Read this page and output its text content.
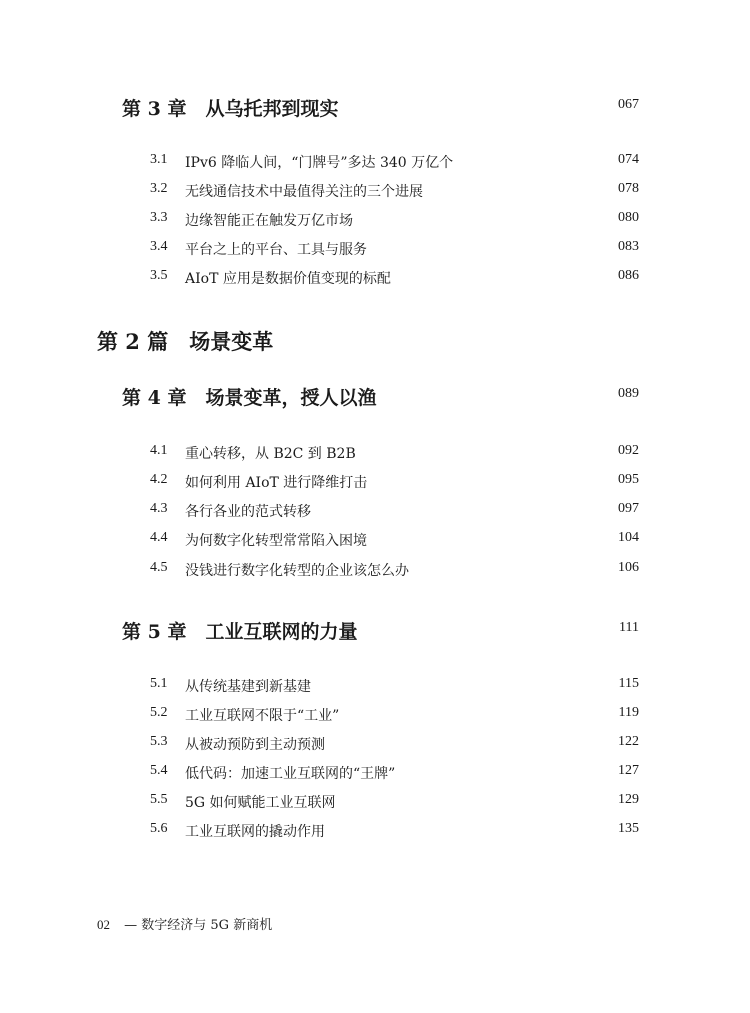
第 3 章　从乌托邦到现实	067
3.1 IPv6 降临人间，“门牌号”多达 340 万亿个	074
3.2 无线通信技术中最值得关注的三个进展	078
3.3 边缘智能正在触发万亿市场	080
3.4 平台之上的平台、工具与服务	083
3.5 AIoT 应用是数据价值变现的标配	086
第 2 篇　场景变革
第 4 章　场景变革，授人以渔	089
4.1 重心转移，从 B2C 到 B2B	092
4.2 如何利用 AIoT 进行降维打击	095
4.3 各行各业的范式转移	097
4.4 为何数字化转型常常陷入困境	104
4.5 没钱进行数字化转型的企业该怎么办	106
第 5 章　工业互联网的力量	111
5.1 从传统基建到新基建	115
5.2 工业互联网不限于“工业”	119
5.3 从被动预防到主动预测	122
5.4 低代码：加速工业互联网的“王牌”	127
5.5 5G 如何赋能工业互联网	129
5.6 工业互联网的撬动作用	135
02 — 数字经济与 5G 新商机
